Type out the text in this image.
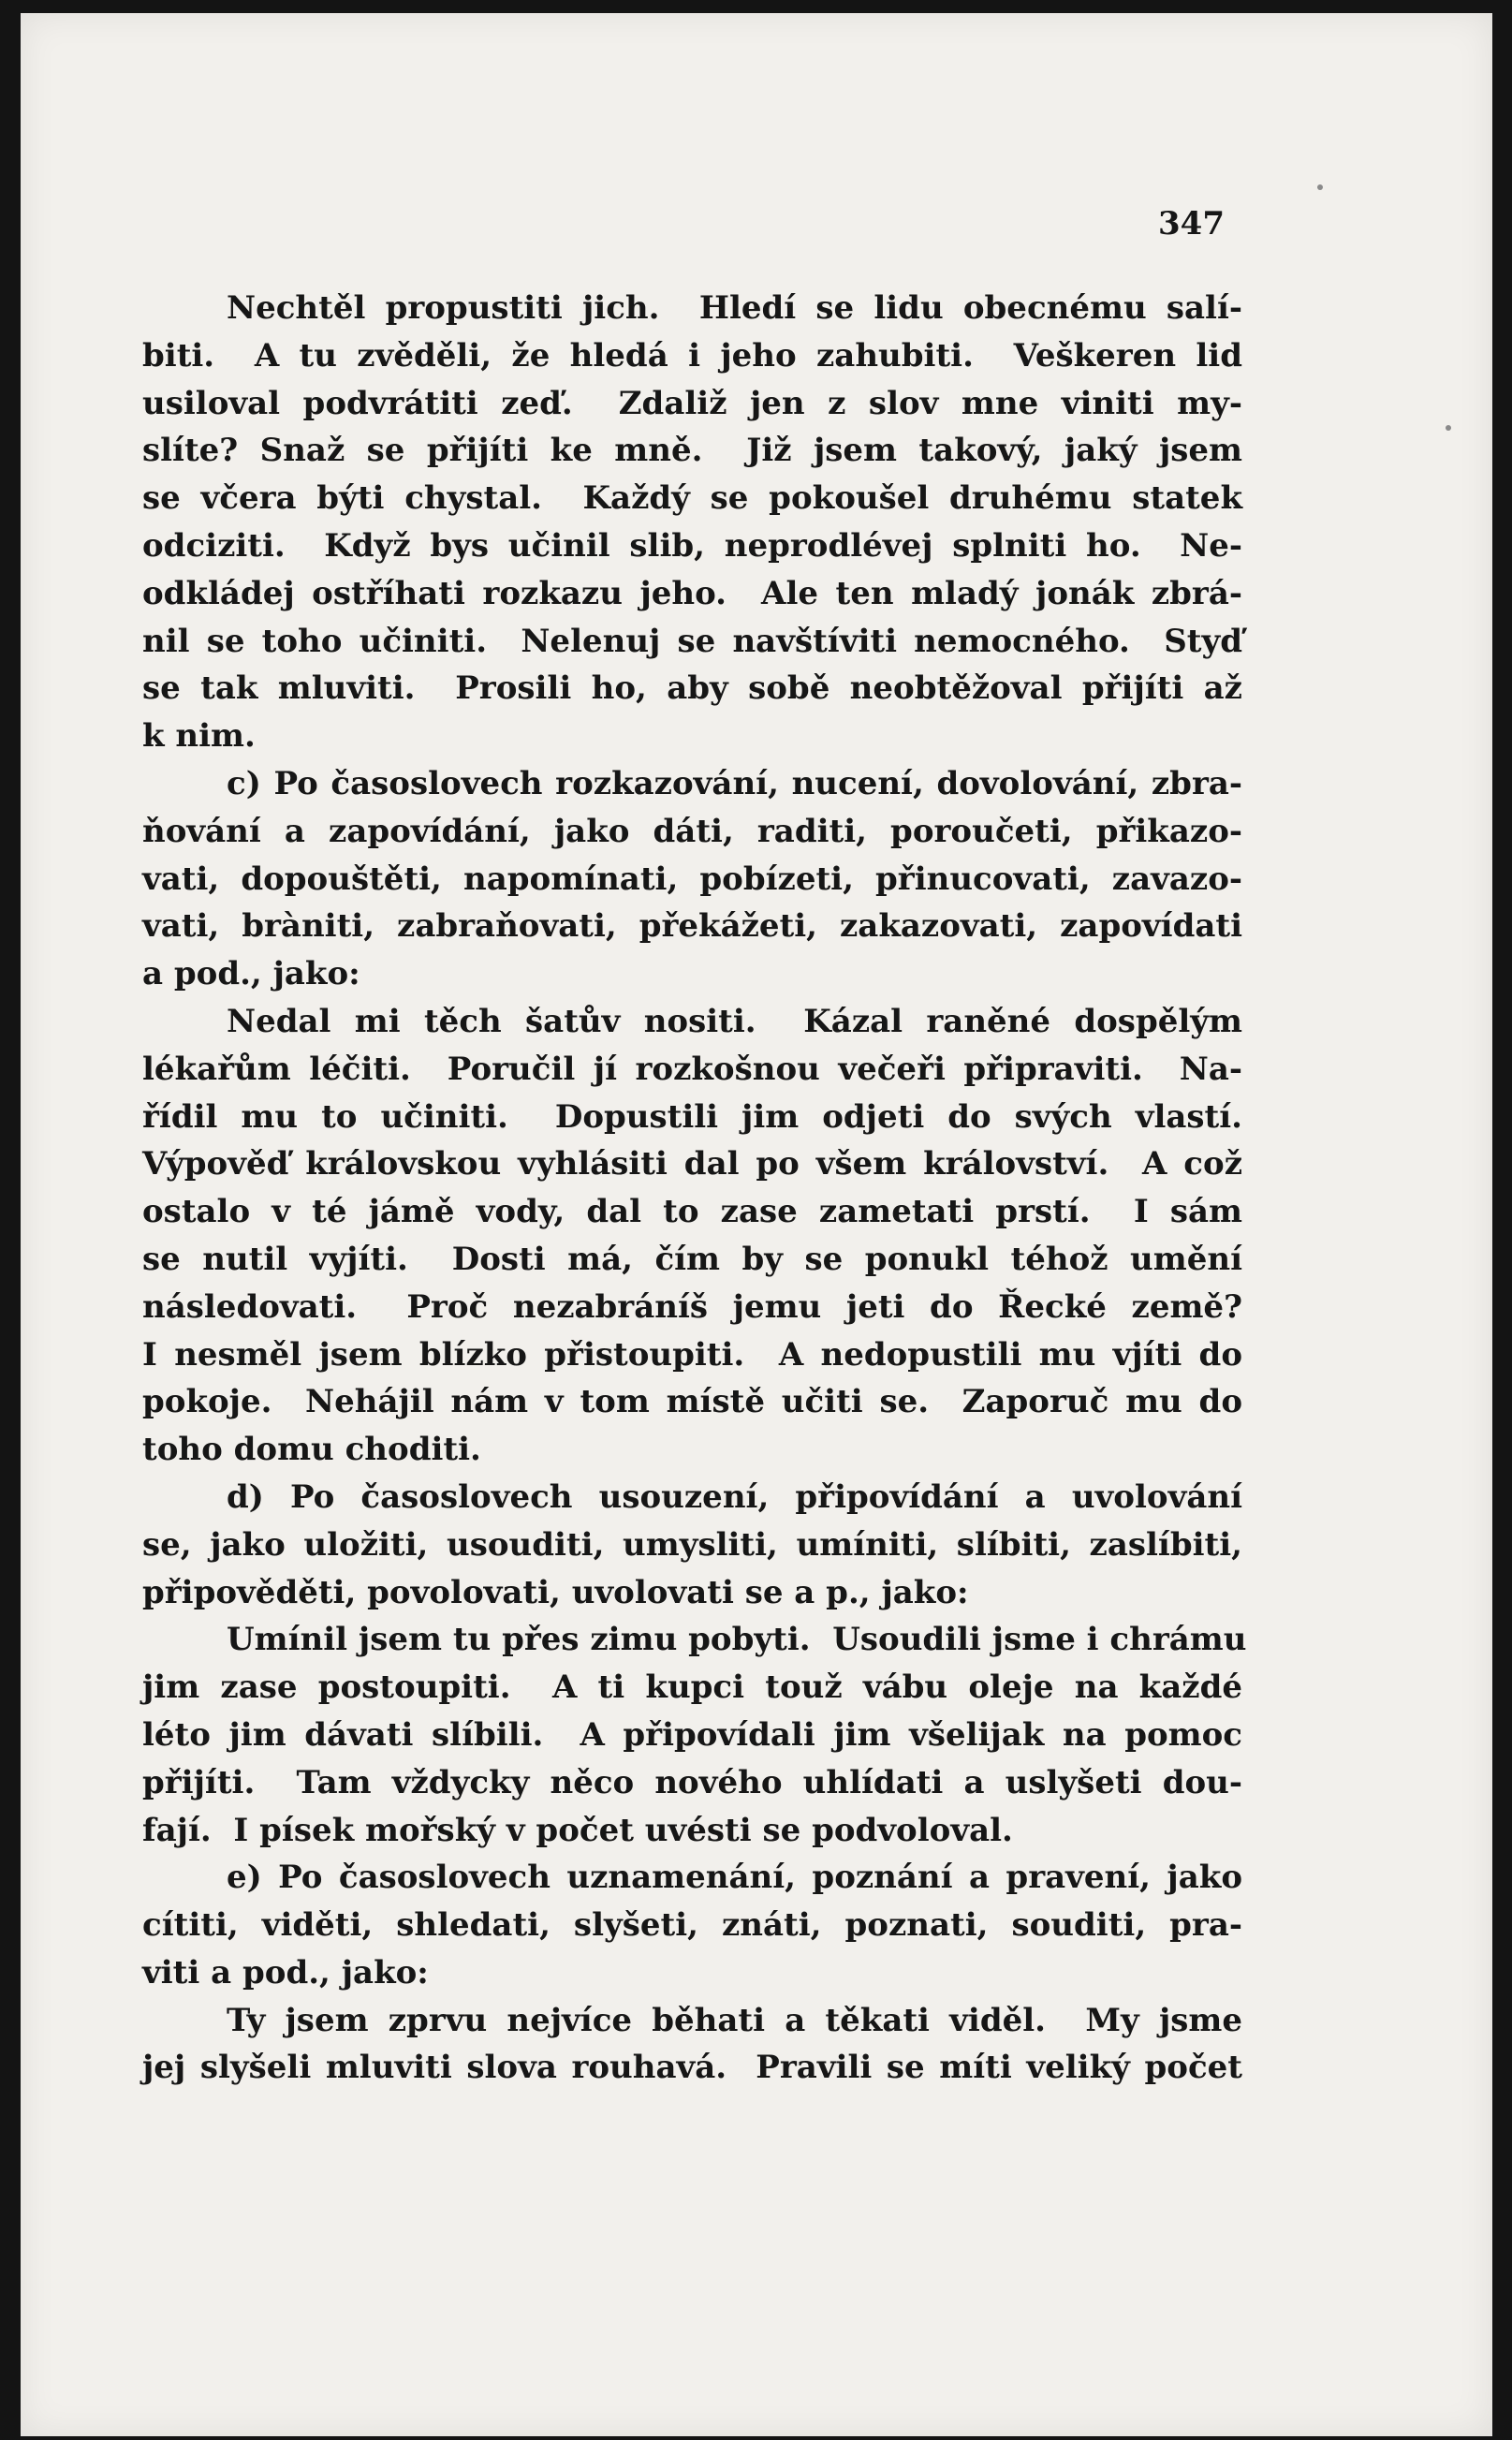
347
Nechtěl propustiti jich.  Hledí se lidu obecnému salí-
biti.  A tu zvěděli, že hledá i jeho zahubiti.  Veškeren lid
usiloval podvrátiti zeď.  Zdaliž jen z slov mne viniti my-
slíte? Snaž se přijíti ke mně.  Již jsem takový, jaký jsem
se včera býti chystal.  Každý se pokoušel druhému statek
odciziti.  Když bys učinil slib, neprodlévej splniti ho.  Ne-
odkládej ostříhati rozkazu jeho.  Ale ten mladý jonák zbrá-
nil se toho učiniti.  Nelenuj se navštíviti nemocného.  Styď
se tak mluviti.  Prosili ho, aby sobě neobtěžoval přijíti až
k nim.
c) Po časoslovech rozkazování, nucení, dovolování, zbra-
ňování a zapovídání, jako dáti, raditi, poroučeti, přikazo-
vati, dopouštěti, napomínati, pobízeti, přinucovati, zavazo-
vati, bràniti, zabraňovati, překážeti, zakazovati, zapovídati
a pod., jako:
Nedal mi těch šatův nositi.  Kázal raněné dospělým
lékařům léčiti.  Poručil jí rozkošnou večeři připraviti.  Na-
řídil mu to učiniti.  Dopustili jim odjeti do svých vlastí.
Výpověď královskou vyhlásiti dal po všem království.  A což
ostalo v té jámě vody, dal to zase zametati prstí.  I sám
se nutil vyjíti.  Dosti má, čím by se ponukl téhož umění
následovati.  Proč nezabráníš jemu jeti do Řecké země?
I nesměl jsem blízko přistoupiti.  A nedopustili mu vjíti do
pokoje.  Nehájil nám v tom místě učiti se.  Zaporuč mu do
toho domu choditi.
d) Po časoslovech usouzení, připovídání a uvolování
se, jako uložiti, usouditi, umysliti, umíniti, slíbiti, zaslíbiti,
připověděti, povolovati, uvolovati se a p., jako:
Umínil jsem tu přes zimu pobyti.  Usoudili jsme i chrámu
jim zase postoupiti.  A ti kupci touž vábu oleje na každé
léto jim dávati slíbili.  A připovídali jim všelijak na pomoc
přijíti.  Tam vždycky něco nového uhlídati a uslyšeti dou-
fají.  I písek mořský v počet uvésti se podvoloval.
e) Po časoslovech uznamenání, poznání a pravení, jako
cítiti, viděti, shledati, slyšeti, znáti, poznati, souditi, pra-
viti a pod., jako:
Ty jsem zprvu nejvíce běhati a těkati viděl.  My jsme
jej slyšeli mluviti slova rouhavá.  Pravili se míti veliký počet
